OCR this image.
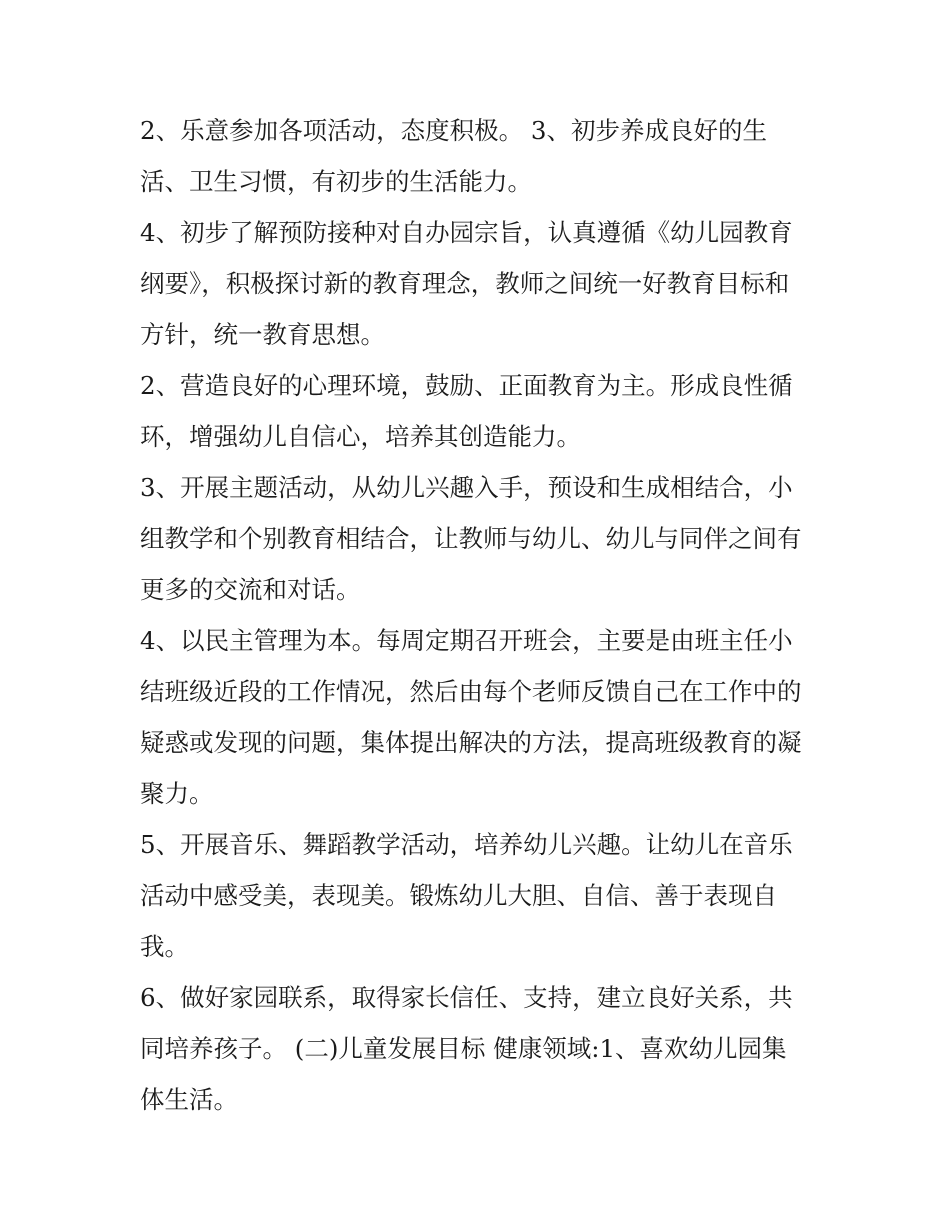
2、乐意参加各项活动，态度积极。 3、初步养成良好的生
活、卫生习惯，有初步的生活能力。

4、初步了解预防接种对自办园宗旨，认真遵循《幼儿园教育
纲要》，积极探讨新的教育理念，教师之间统一好教育目标和
方针，统一教育思想。

2、营造良好的心理环境，鼓励、正面教育为主。形成良性循
环，增强幼儿自信心，培养其创造能力。

3、开展主题活动，从幼儿兴趣入手，预设和生成相结合，小
组教学和个别教育相结合，让教师与幼儿、幼儿与同伴之间有
更多的交流和对话。

4、以民主管理为本。每周定期召开班会，主要是由班主任小
结班级近段的工作情况，然后由每个老师反馈自己在工作中的
疑惑或发现的问题，集体提出解决的方法，提高班级教育的凝
聚力。

5、开展音乐、舞蹈教学活动，培养幼儿兴趣。让幼儿在音乐
活动中感受美，表现美。锻炼幼儿大胆、自信、善于表现自
我。

6、做好家园联系，取得家长信任、支持，建立良好关系，共
同培养孩子。 (二)儿童发展目标 健康领域:1、喜欢幼儿园集
体生活。
